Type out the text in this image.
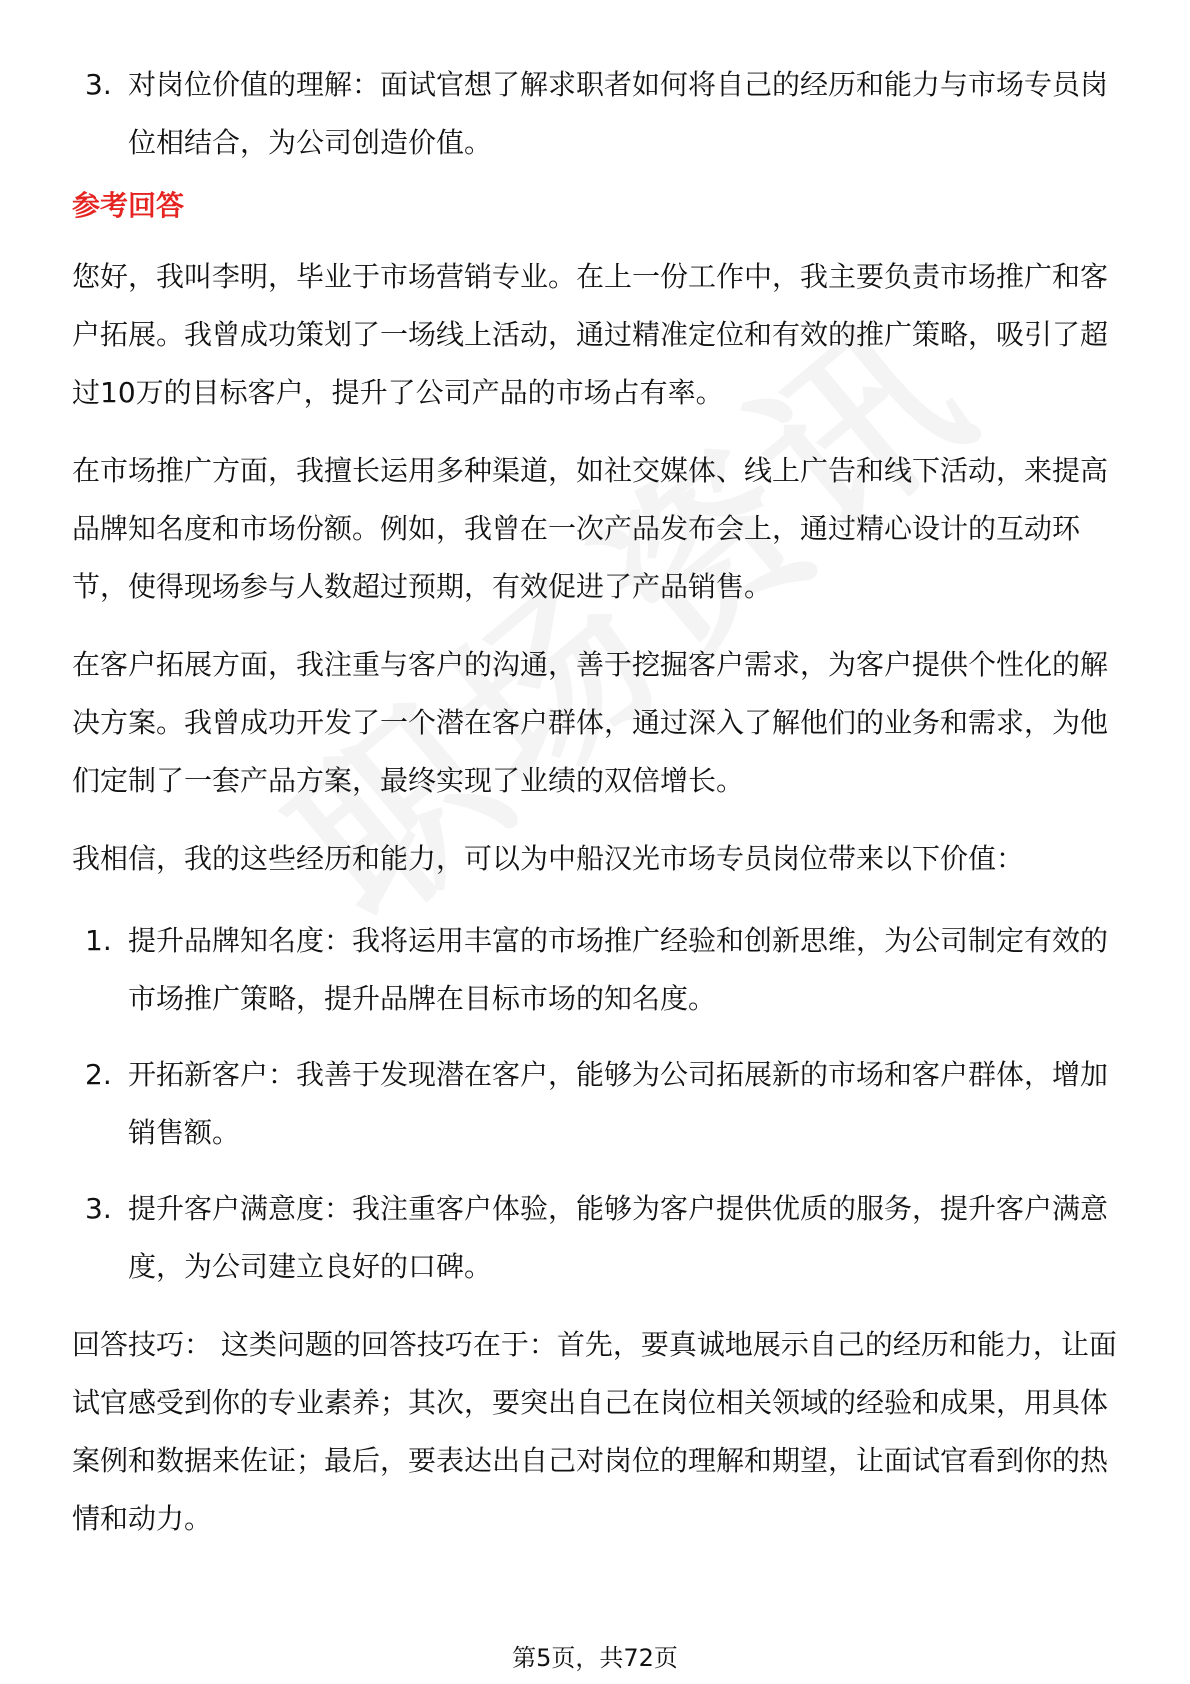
3. 对岗位价值的理解：面试官想了解求职者如何将自己的经历和能力与市场专员岗位相结合，为公司创造价值。
参考回答

您好，我叫李明，毕业于市场营销专业。在上一份工作中，我主要负责市场推广和客户拓展。我曾成功策划了一场线上活动，通过精准定位和有效的推广策略，吸引了超过10万的目标客户，提升了公司产品的市场占有率。

在市场推广方面，我擅长运用多种渠道，如社交媒体、线上广告和线下活动，来提高品牌知名度和市场份额。例如，我曾在一次产品发布会上，通过精心设计的互动环节，使得现场参与人数超过预期，有效促进了产品销售。

在客户拓展方面，我注重与客户的沟通，善于挖掘客户需求，为客户提供个性化的解决方案。我曾成功开发了一个潜在客户群体，通过深入了解他们的业务和需求，为他们定制了一套产品方案，最终实现了业绩的双倍增长。

我相信，我的这些经历和能力，可以为中船汉光市场专员岗位带来以下价值：

1. 提升品牌知名度：我将运用丰富的市场推广经验和创新思维，为公司制定有效的市场推广策略，提升品牌在目标市场的知名度。
2. 开拓新客户：我善于发现潜在客户，能够为公司拓展新的市场和客户群体，增加销售额。
3. 提升客户满意度：我注重客户体验，能够为客户提供优质的服务，提升客户满意度，为公司建立良好的口碑。

回答技巧： 这类问题的回答技巧在于：首先，要真诚地展示自己的经历和能力，让面试官感受到你的专业素养；其次，要突出自己在岗位相关领域的经验和成果，用具体案例和数据来佐证；最后，要表达出自己对岗位的理解和期望，让面试官看到你的热情和动力。

第5页，共72页
